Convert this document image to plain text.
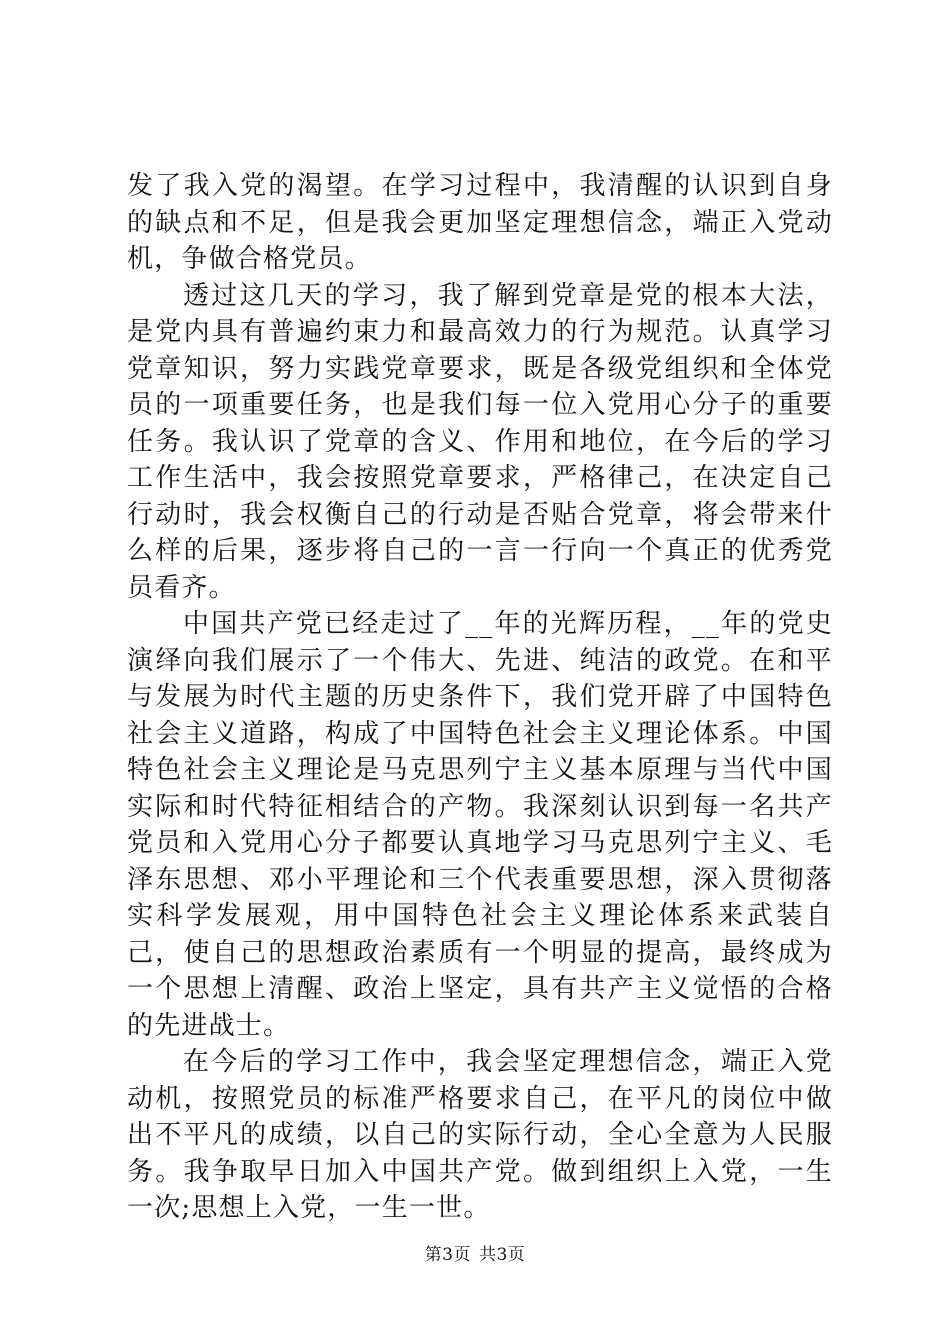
发了我入党的渴望。在学习过程中，我清醒的认识到自身的缺点和不足，但是我会更加坚定理想信念，端正入党动机，争做合格党员。

透过这几天的学习，我了解到党章是党的根本大法，是党内具有普遍约束力和最高效力的行为规范。认真学习党章知识，努力实践党章要求，既是各级党组织和全体党员的一项重要任务，也是我们每一位入党用心分子的重要任务。我认识了党章的含义、作用和地位，在今后的学习工作生活中，我会按照党章要求，严格律己，在决定自己行动时，我会权衡自己的行动是否贴合党章，将会带来什么样的后果，逐步将自己的一言一行向一个真正的优秀党员看齐。

中国共产党已经走过了__年的光辉历程，__年的党史演绎向我们展示了一个伟大、先进、纯洁的政党。在和平与发展为时代主题的历史条件下，我们党开辟了中国特色社会主义道路，构成了中国特色社会主义理论体系。中国特色社会主义理论是马克思列宁主义基本原理与当代中国实际和时代特征相结合的产物。我深刻认识到每一名共产党员和入党用心分子都要认真地学习马克思列宁主义、毛泽东思想、邓小平理论和三个代表重要思想，深入贯彻落实科学发展观，用中国特色社会主义理论体系来武装自己，使自己的思想政治素质有一个明显的提高，最终成为一个思想上清醒、政治上坚定，具有共产主义觉悟的合格的先进战士。

在今后的学习工作中，我会坚定理想信念，端正入党动机，按照党员的标准严格要求自己，在平凡的岗位中做出不平凡的成绩，以自己的实际行动，全心全意为人民服务。我争取早日加入中国共产党。做到组织上入党，一生一次;思想上入党，一生一世。

第3页 共3页
